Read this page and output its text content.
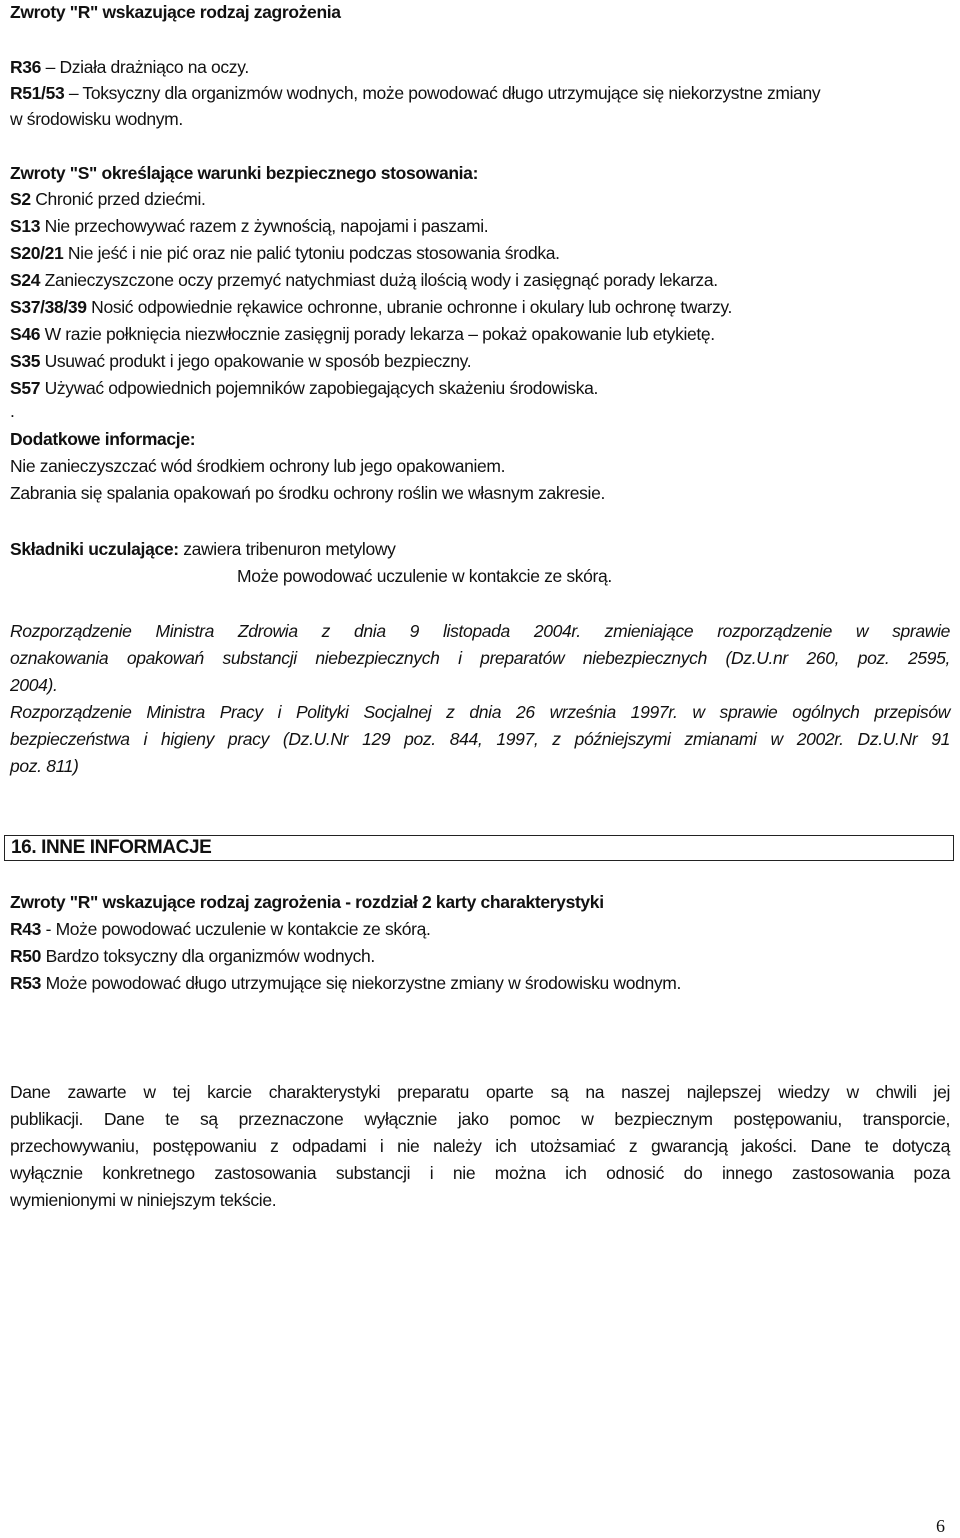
Zwroty "R" wskazujące rodzaj zagrożenia
R36 – Działa drażniąco na oczy.
R51/53 – Toksyczny dla organizmów wodnych, może powodować długo utrzymujące się niekorzystne zmiany
w środowisku wodnym.
Zwroty "S" określające warunki bezpiecznego stosowania:
S2 Chronić przed dziećmi.
S13 Nie przechowywać razem z żywnością, napojami i paszami.
S20/21 Nie jeść i nie pić oraz nie palić tytoniu podczas stosowania środka.
S24 Zanieczyszczone oczy przemyć natychmiast dużą ilością wody i zasięgnąć porady lekarza.
S37/38/39 Nosić odpowiednie rękawice ochronne, ubranie ochronne i okulary lub ochronę twarzy.
S46 W razie połknięcia niezwłocznie zasięgnij porady lekarza – pokaż opakowanie lub etykietę.
S35 Usuwać produkt i jego opakowanie w sposób bezpieczny.
S57 Używać odpowiednich pojemników zapobiegających skażeniu środowiska.
.
Dodatkowe informacje:
Nie zanieczyszczać wód środkiem ochrony lub jego opakowaniem.
Zabrania się spalania opakowań po środku ochrony roślin we własnym zakresie.
Składniki uczulające: zawiera tribenuron metylowy
Może powodować uczulenie w kontakcie ze skórą.
Rozporządzenie Ministra Zdrowia z dnia 9 listopada 2004r. zmieniające rozporządzenie w sprawie
oznakowania opakowań substancji niebezpiecznych i preparatów niebezpiecznych (Dz.U.nr 260, poz. 2595,
2004).
Rozporządzenie Ministra Pracy i Polityki Socjalnej z dnia 26 września 1997r. w sprawie ogólnych przepisów
bezpieczeństwa i higieny pracy (Dz.U.Nr 129 poz. 844, 1997, z późniejszymi zmianami w 2002r. Dz.U.Nr 91
poz. 811)
16. INNE INFORMACJE
Zwroty "R" wskazujące rodzaj zagrożenia - rozdział 2 karty charakterystyki
R43 - Może powodować uczulenie w kontakcie ze skórą.
R50 Bardzo toksyczny dla organizmów wodnych.
R53 Może powodować długo utrzymujące się niekorzystne zmiany w środowisku wodnym.
Dane zawarte w tej karcie charakterystyki preparatu oparte są na naszej najlepszej wiedzy w chwili jej
publikacji. Dane te są przeznaczone wyłącznie jako pomoc w bezpiecznym postępowaniu, transporcie,
przechowywaniu, postępowaniu z odpadami i nie należy ich utożsamiać z gwarancją jakości. Dane te dotyczą
wyłącznie konkretnego zastosowania substancji i nie można ich odnosić do innego zastosowania poza
wymienionymi w niniejszym tekście.
6
